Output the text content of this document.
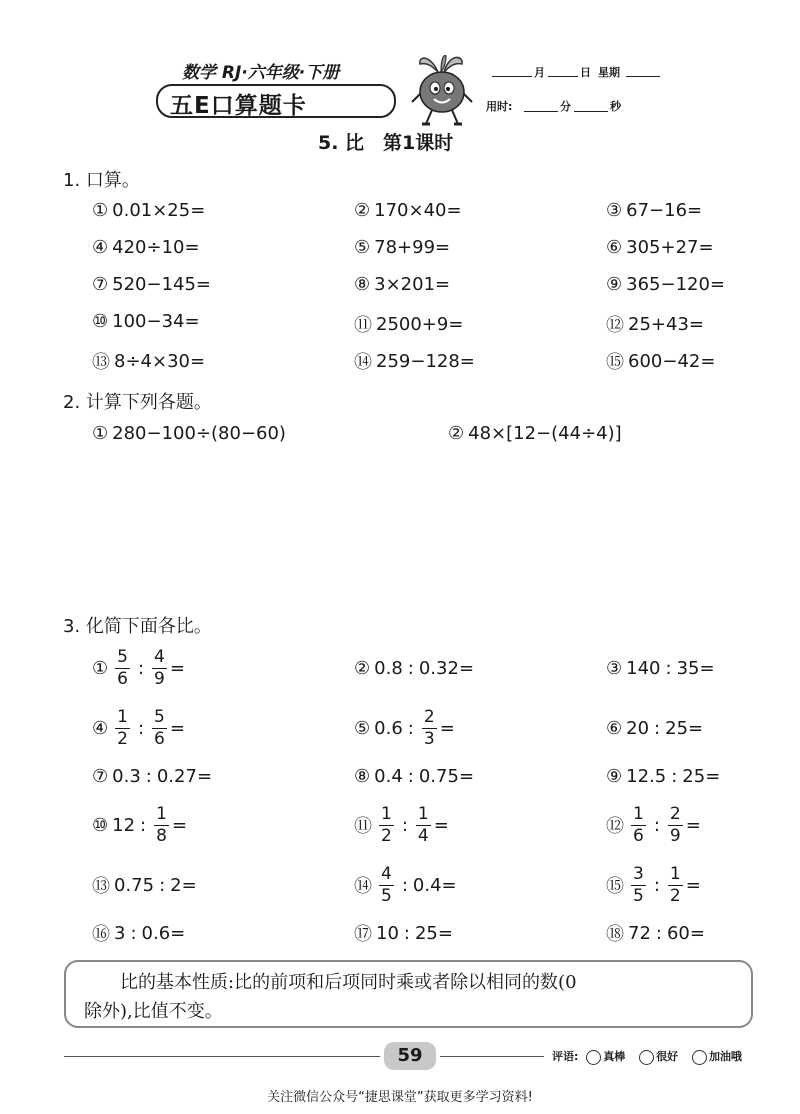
数学 RJ·六年级·下册
五E口算题卡
月	日 星期
用时:	分	秒
5. 比　第1课时
1. 口算。
① 0.01×25=	② 170×40=	③ 67−16=
④ 420÷10=	⑤ 78+99=	⑥ 305+27=
⑦ 520−145=	⑧ 3×201=	⑨ 365−120=
⑩ 100−34=	⑪ 2500+9=	⑫ 25+43=
⑬ 8÷4×30=	⑭ 259−128=	⑮ 600−42=
2. 计算下列各题。
① 280−100÷(80−60)	② 48×[12−(44÷4)]
3. 化简下面各比。
① $\frac{5}{6}$ : $\frac{4}{9}$ =	② 0.8 : 0.32 =	③ 140 : 35 =
④ $\frac{1}{2}$ : $\frac{5}{6}$ =	⑤ 0.6 : $\frac{2}{3}$ =	⑥ 20 : 25 =
⑦ 0.3 : 0.27 =	⑧ 0.4 : 0.75 =	⑨ 12.5 : 25 =
⑩ 12 : $\frac{1}{8}$ =	⑪ $\frac{1}{2}$ : $\frac{1}{4}$ =	⑫ $\frac{1}{6}$ : $\frac{2}{9}$ =
⑬ 0.75 : 2 =	⑭ $\frac{4}{5}$ : 0.4 =	⑮ $\frac{3}{5}$ : $\frac{1}{2}$ =
⑯ 3 : 0.6 =	⑰ 10 : 25 =	⑱ 72 : 60 =
比的基本性质:比的前项和后项同时乘或者除以相同的数(0
除外),比值不变。
59	评语: 真棒	很好	加油哦
关注微信公众号“捷思课堂”获取更多学习资料!
